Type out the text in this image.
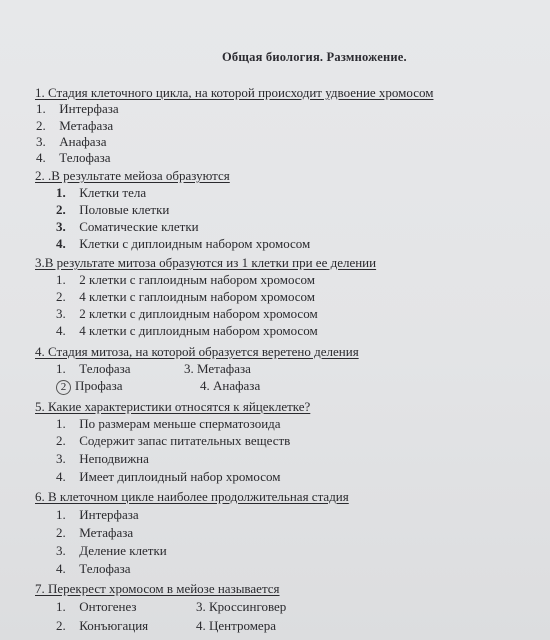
Общая биология. Размножение.
1. Стадия клеточного цикла, на которой происходит удвоение хромосом
1. Интерфаза
2. Метафаза
3. Анафаза
4. Телофаза
2. .В результате мейоза образуются
1. Клетки тела
2. Половые клетки
3. Соматические клетки
4. Клетки с диплоидным набором хромосом
3.В результате митоза образуются из 1 клетки при ее делении
1. 2 клетки с гаплоидным набором хромосом
2. 4 клетки с гаплоидным набором хромосом
3. 2 клетки с диплоидным набором хромосом
4. 4 клетки с диплоидным набором хромосом
4. Стадия митоза, на которой образуется веретено деления
1. Телофаза	3. Метафаза
2 Профаза	4. Анафаза
5. Какие характеристики относятся к яйцеклетке?
1. По размерам меньше сперматозоида
2. Содержит запас питательных веществ
3. Неподвижна
4. Имеет диплоидный набор хромосом
6. В клеточном цикле наиболее продолжительная стадия
1. Интерфаза
2. Метафаза
3. Деление клетки
4. Телофаза
7. Перекрест хромосом в мейозе называется
1. Онтогенез	3. Кроссинговер
2. Конъюгация	4. Центромера
